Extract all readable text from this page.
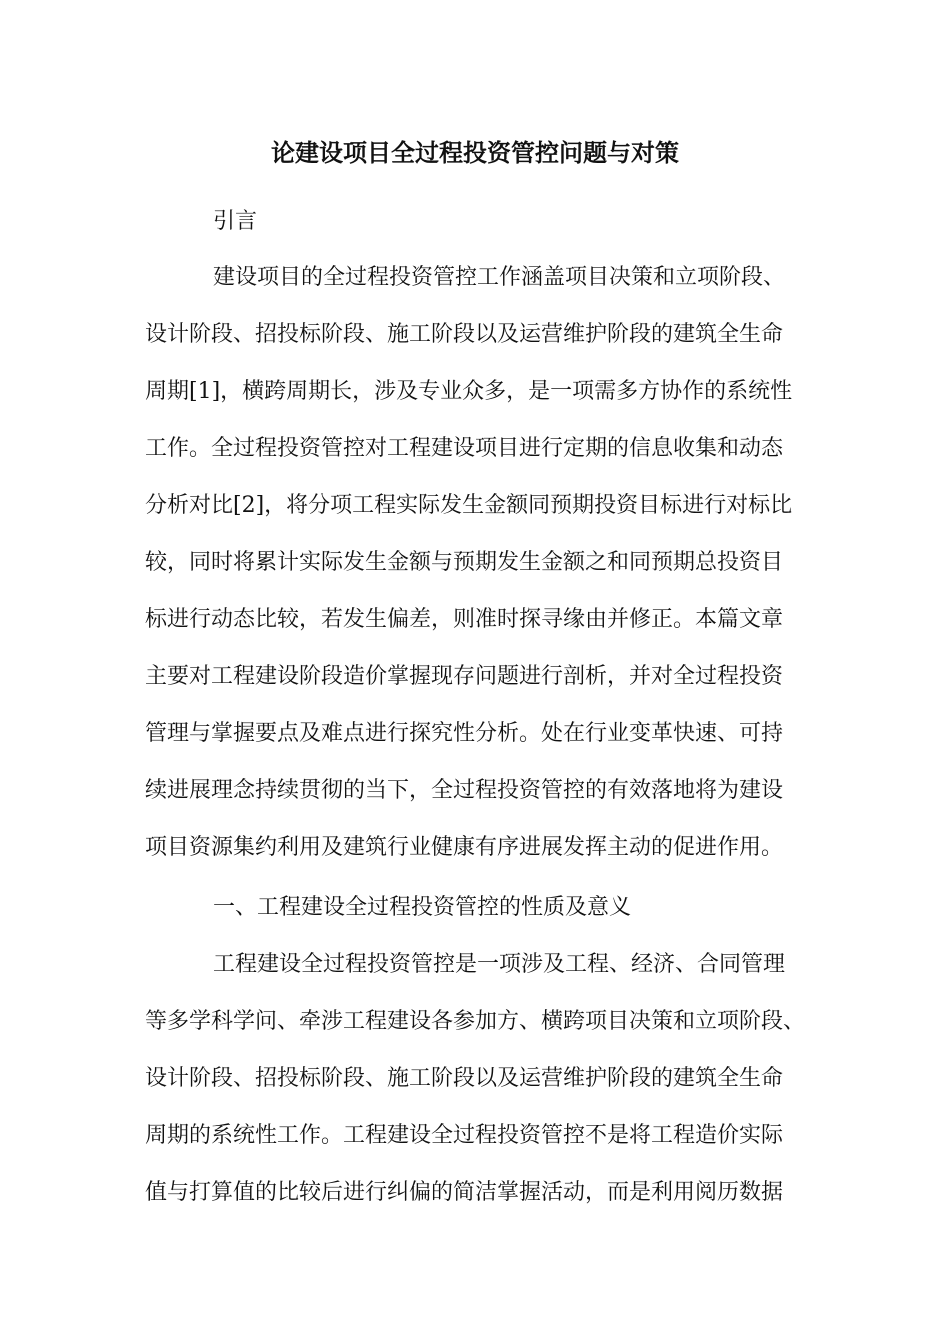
论建设项目全过程投资管控问题与对策
引言
建设项目的全过程投资管控工作涵盖项目决策和立项阶段、
设计阶段、招投标阶段、施工阶段以及运营维护阶段的建筑全生命
周期[1]，横跨周期长，涉及专业众多，是一项需多方协作的系统性
工作。全过程投资管控对工程建设项目进行定期的信息收集和动态
分析对比[2]，将分项工程实际发生金额同预期投资目标进行对标比
较，同时将累计实际发生金额与预期发生金额之和同预期总投资目
标进行动态比较，若发生偏差，则准时探寻缘由并修正。本篇文章
主要对工程建设阶段造价掌握现存问题进行剖析，并对全过程投资
管理与掌握要点及难点进行探究性分析。处在行业变革快速、可持
续进展理念持续贯彻的当下，全过程投资管控的有效落地将为建设
项目资源集约利用及建筑行业健康有序进展发挥主动的促进作用。
一、工程建设全过程投资管控的性质及意义
工程建设全过程投资管控是一项涉及工程、经济、合同管理
等多学科学问、牵涉工程建设各参加方、横跨项目决策和立项阶段、
设计阶段、招投标阶段、施工阶段以及运营维护阶段的建筑全生命
周期的系统性工作。工程建设全过程投资管控不是将工程造价实际
值与打算值的比较后进行纠偏的简洁掌握活动，而是利用阅历数据
